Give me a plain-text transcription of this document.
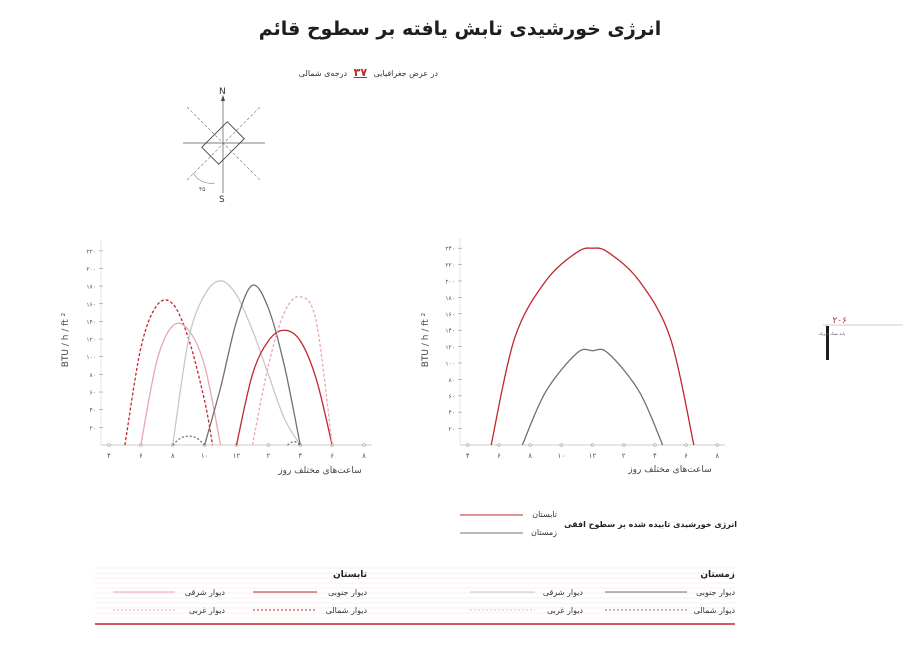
انرژی خورشیدی تابش یافته بر سطوح قائم
در عرض جغرافیایی ۳۷ درجه‌ی شمالی
N
S
۴۵
BTU / h / ft ²
۲۲۰
۲۰۰
۱۸۰
۱۶۰
۱۴۰
۱۲۰
۱۰۰
۸۰
۶۰
۴۰
۲۰
۴	۶	۸	۱۰	۱۲	۲	۴	۶	۸
ساعت‌های مختلف روز
BTU / h / ft ²
۲۴۰
۲۲۰
۲۰۰
۱۸۰
۱۶۰
۱۴۰
۱۲۰
۱۰۰
۸۰
۶۰
۴۰
۲۰
۴	۶	۸	۱۰	۱۲	۲	۴	۶	۸
ساعت‌های مختلف روز
تابستان
زمستان
انرژی خورشیدی تابیده شده بر سطوح افقی
تابستان
دیوار جنوبی
دیوار شرقی
دیوار شمالی
دیوار غربی
زمستان
دیوار جنوبی
دیوار شرقی
دیوار شمالی
دیوار غربی
۲۰۶
پایه سبک فیزیک
